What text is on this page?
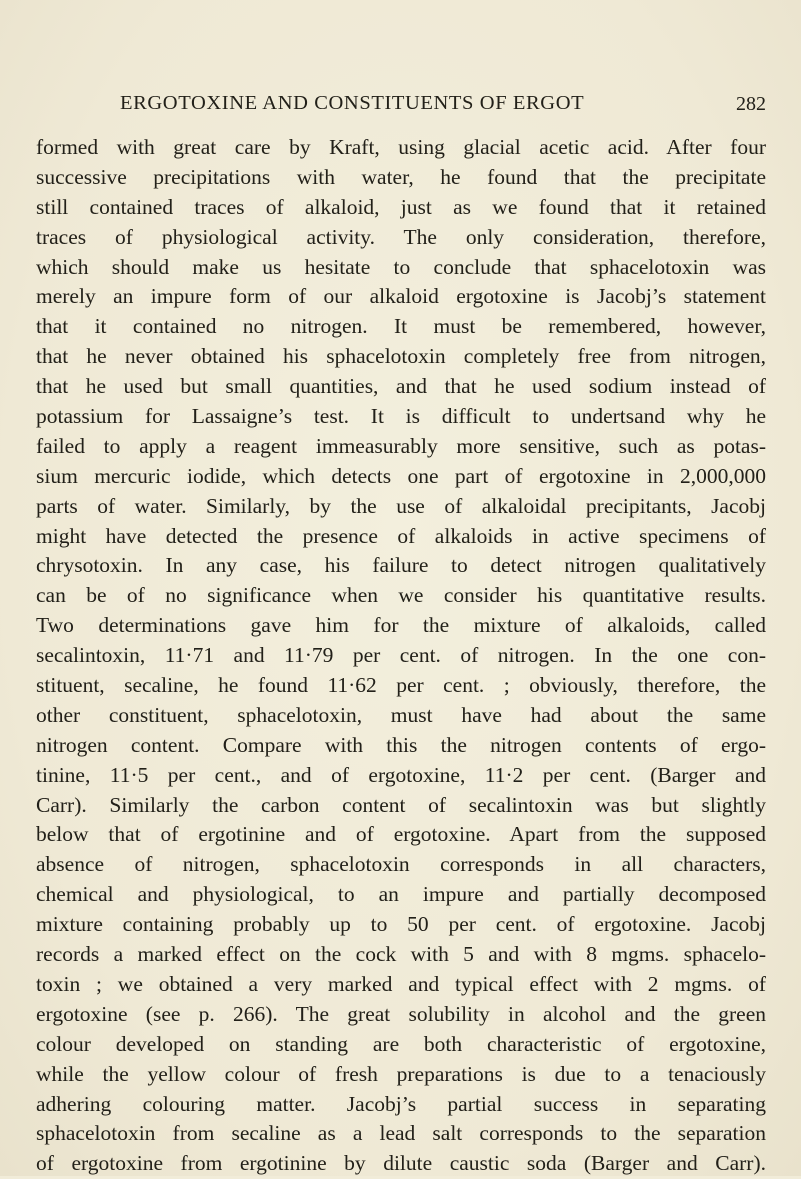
ERGOTOXINE AND CONSTITUENTS OF ERGOT	282
formed with great care by Kraft, using glacial acetic acid. After four
successive precipitations with water, he found that the precipitate
still contained traces of alkaloid, just as we found that it retained
traces of physiological activity. The only consideration, therefore,
which should make us hesitate to conclude that sphacelotoxin was
merely an impure form of our alkaloid ergotoxine is Jacobj’s statement
that it contained no nitrogen. It must be remembered, however,
that he never obtained his sphacelotoxin completely free from nitrogen,
that he used but small quantities, and that he used sodium instead of
potassium for Lassaigne’s test. It is difficult to undertsand why he
failed to apply a reagent immeasurably more sensitive, such as potas-
sium mercuric iodide, which detects one part of ergotoxine in 2,000,000
parts of water. Similarly, by the use of alkaloidal precipitants, Jacobj
might have detected the presence of alkaloids in active specimens of
chrysotoxin. In any case, his failure to detect nitrogen qualitatively
can be of no significance when we consider his quantitative results.
Two determinations gave him for the mixture of alkaloids, called
secalintoxin, 11·71 and 11·79 per cent. of nitrogen. In the one con-
stituent, secaline, he found 11·62 per cent. ; obviously, therefore, the
other constituent, sphacelotoxin, must have had about the same
nitrogen content. Compare with this the nitrogen contents of ergo-
tinine, 11·5 per cent., and of ergotoxine, 11·2 per cent. (Barger and
Carr). Similarly the carbon content of secalintoxin was but slightly
below that of ergotinine and of ergotoxine. Apart from the supposed
absence of nitrogen, sphacelotoxin corresponds in all characters,
chemical and physiological, to an impure and partially decomposed
mixture containing probably up to 50 per cent. of ergotoxine. Jacobj
records a marked effect on the cock with 5 and with 8 mgms. sphacelo-
toxin ; we obtained a very marked and typical effect with 2 mgms. of
ergotoxine (see p. 266). The great solubility in alcohol and the green
colour developed on standing are both characteristic of ergotoxine,
while the yellow colour of fresh preparations is due to a tenaciously
adhering colouring matter. Jacobj’s partial success in separating
sphacelotoxin from secaline as a lead salt corresponds to the separation
of ergotoxine from ergotinine by dilute caustic soda (Barger and Carr).
